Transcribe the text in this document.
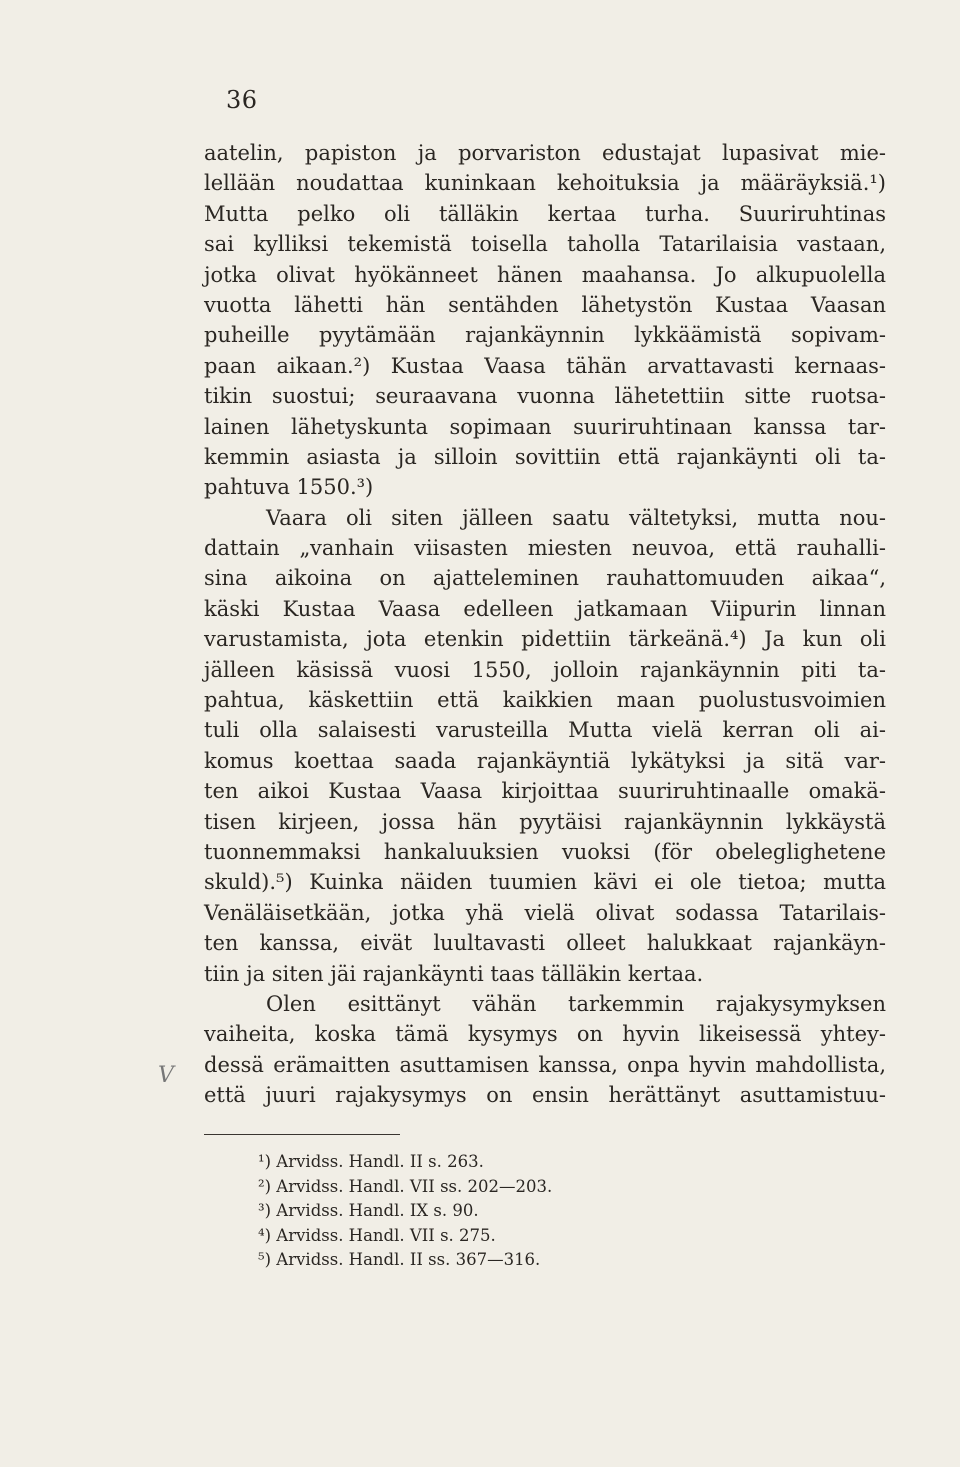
36
aatelin, papiston ja porvariston edustajat lupasivat mie-
lellään noudattaa kuninkaan kehoituksia ja määräyksiä.¹)
Mutta pelko oli tälläkin kertaa turha. Suuriruhtinas
sai kylliksi tekemistä toisella taholla Tatarilaisia vastaan,
jotka olivat hyökänneet hänen maahansa. Jo alkupuolella
vuotta lähetti hän sentähden lähetystön Kustaa Vaasan
puheille pyytämään rajankäynnin lykkäämistä sopivam-
paan aikaan.²) Kustaa Vaasa tähän arvattavasti kernaas-
tikin suostui; seuraavana vuonna lähetettiin sitte ruotsa-
lainen lähetyskunta sopimaan suuriruhtinaan kanssa tar-
kemmin asiasta ja silloin sovittiin että rajankäynti oli ta-
pahtuva 1550.³)
Vaara oli siten jälleen saatu vältetyksi, mutta nou-
dattain „vanhain viisasten miesten neuvoa, että rauhalli-
sina aikoina on ajatteleminen rauhattomuuden aikaa“,
käski Kustaa Vaasa edelleen jatkamaan Viipurin linnan
varustamista, jota etenkin pidettiin tärkeänä.⁴) Ja kun oli
jälleen käsissä vuosi 1550, jolloin rajankäynnin piti ta-
pahtua, käskettiin että kaikkien maan puolustusvoimien
tuli olla salaisesti varusteilla Mutta vielä kerran oli ai-
komus koettaa saada rajankäyntiä lykätyksi ja sitä var-
ten aikoi Kustaa Vaasa kirjoittaa suuriruhtinaalle omakä-
tisen kirjeen, jossa hän pyytäisi rajankäynnin lykkäystä
tuonnemmaksi hankaluuksien vuoksi (för obeleglighetene
skuld).⁵) Kuinka näiden tuumien kävi ei ole tietoa; mutta
Venäläisetkään, jotka yhä vielä olivat sodassa Tatarilais-
ten kanssa, eivät luultavasti olleet halukkaat rajankäyn-
tiin ja siten jäi rajankäynti taas tälläkin kertaa.
Olen esittänyt vähän tarkemmin rajakysymyksen
vaiheita, koska tämä kysymys on hyvin likeisessä yhtey-
dessä erämaitten asuttamisen kanssa, onpa hyvin mahdollista,
että juuri rajakysymys on ensin herättänyt asuttamistuu-
V
¹) Arvidss. Handl. II s. 263.
²) Arvidss. Handl. VII ss. 202—203.
³) Arvidss. Handl. IX s. 90.
⁴) Arvidss. Handl. VII s. 275.
⁵) Arvidss. Handl. II ss. 367—316.
